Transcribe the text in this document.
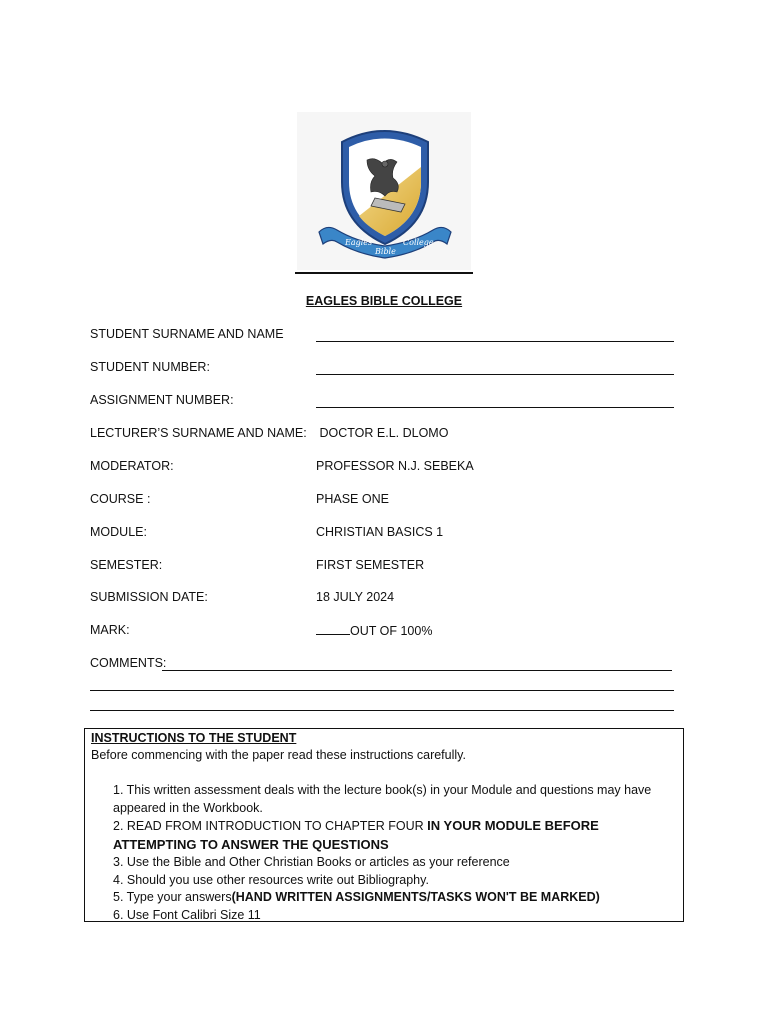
Eagles
Bible
College
EAGLES BIBLE COLLEGE
STUDENT SURNAME AND NAME
STUDENT NUMBER:
ASSIGNMENT NUMBER:
LECTURER’S SURNAME AND NAME: DOCTOR E.L. DLOMO
MODERATOR:	PROFESSOR N.J. SEBEKA
COURSE :	PHASE ONE
MODULE:	CHRISTIAN BASICS 1
SEMESTER:	FIRST SEMESTER
SUBMISSION DATE:	18 JULY 2024
MARK:	OUT OF 100%
COMMENTS:
INSTRUCTIONS TO THE STUDENT
Before commencing with the paper read these instructions carefully.

1. This written assessment deals with the lecture book(s) in your Module and questions may have appeared in the Workbook.

2. READ FROM INTRODUCTION TO CHAPTER FOUR IN YOUR MODULE BEFORE ATTEMPTING TO ANSWER THE QUESTIONS

3. Use the Bible and Other Christian Books or articles as your reference

4. Should you use other resources write out Bibliography.

5. Type your answers(HAND WRITTEN ASSIGNMENTS/TASKS WON'T BE MARKED)

6. Use Font Calibri Size 11
